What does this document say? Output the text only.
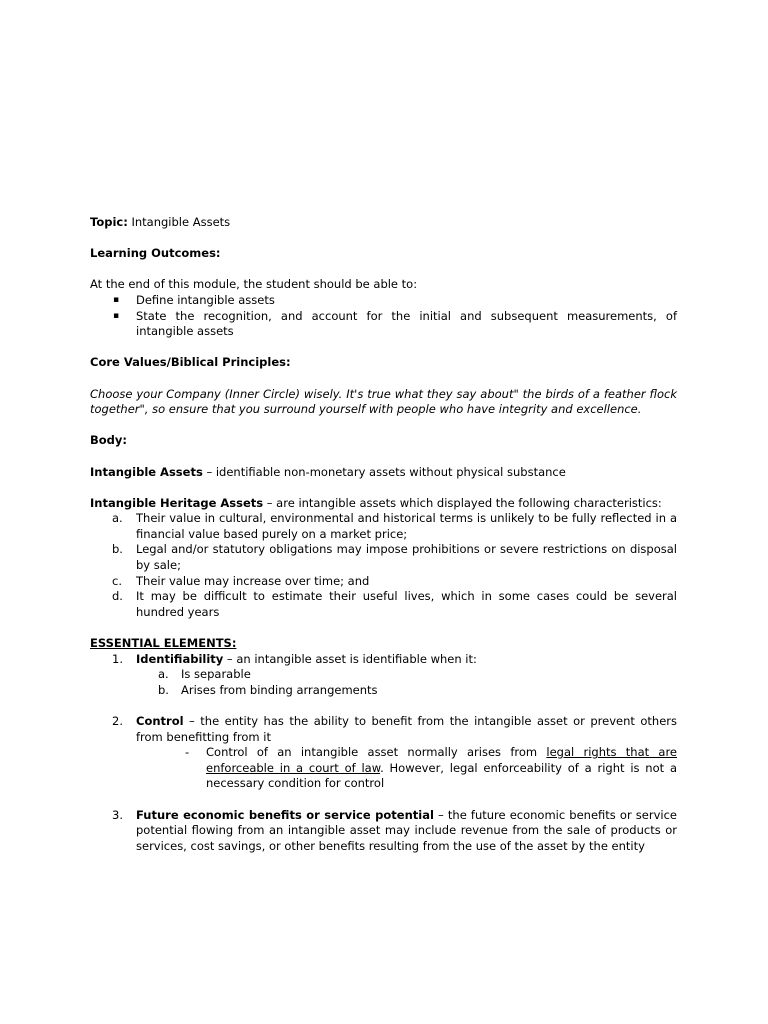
Topic: Intangible Assets

Learning Outcomes:

At the end of this module, the student should be able to:

▪ Define intangible assets
▪ State the recognition, and account for the initial and subsequent measurements, of intangible assets

Core Values/Biblical Principles:

Choose your Company (Inner Circle) wisely. It's true what they say about" the birds of a feather flock together", so ensure that you surround yourself with people who have integrity and excellence.

Body:

Intangible Assets – identifiable non-monetary assets without physical substance

Intangible Heritage Assets – are intangible assets which displayed the following characteristics:

a. Their value in cultural, environmental and historical terms is unlikely to be fully reflected in a financial value based purely on a market price;
b. Legal and/or statutory obligations may impose prohibitions or severe restrictions on disposal by sale;
c. Their value may increase over time; and
d. It may be difficult to estimate their useful lives, which in some cases could be several hundred years

ESSENTIAL ELEMENTS:

1. Identifiability – an intangible asset is identifiable when it:
a. Is separable
b. Arises from binding arrangements
2. Control – the entity has the ability to benefit from the intangible asset or prevent others from benefitting from it
- Control of an intangible asset normally arises from legal rights that are enforceable in a court of law. However, legal enforceability of a right is not a necessary condition for control
3. Future economic benefits or service potential – the future economic benefits or service potential flowing from an intangible asset may include revenue from the sale of products or services, cost savings, or other benefits resulting from the use of the asset by the entity
